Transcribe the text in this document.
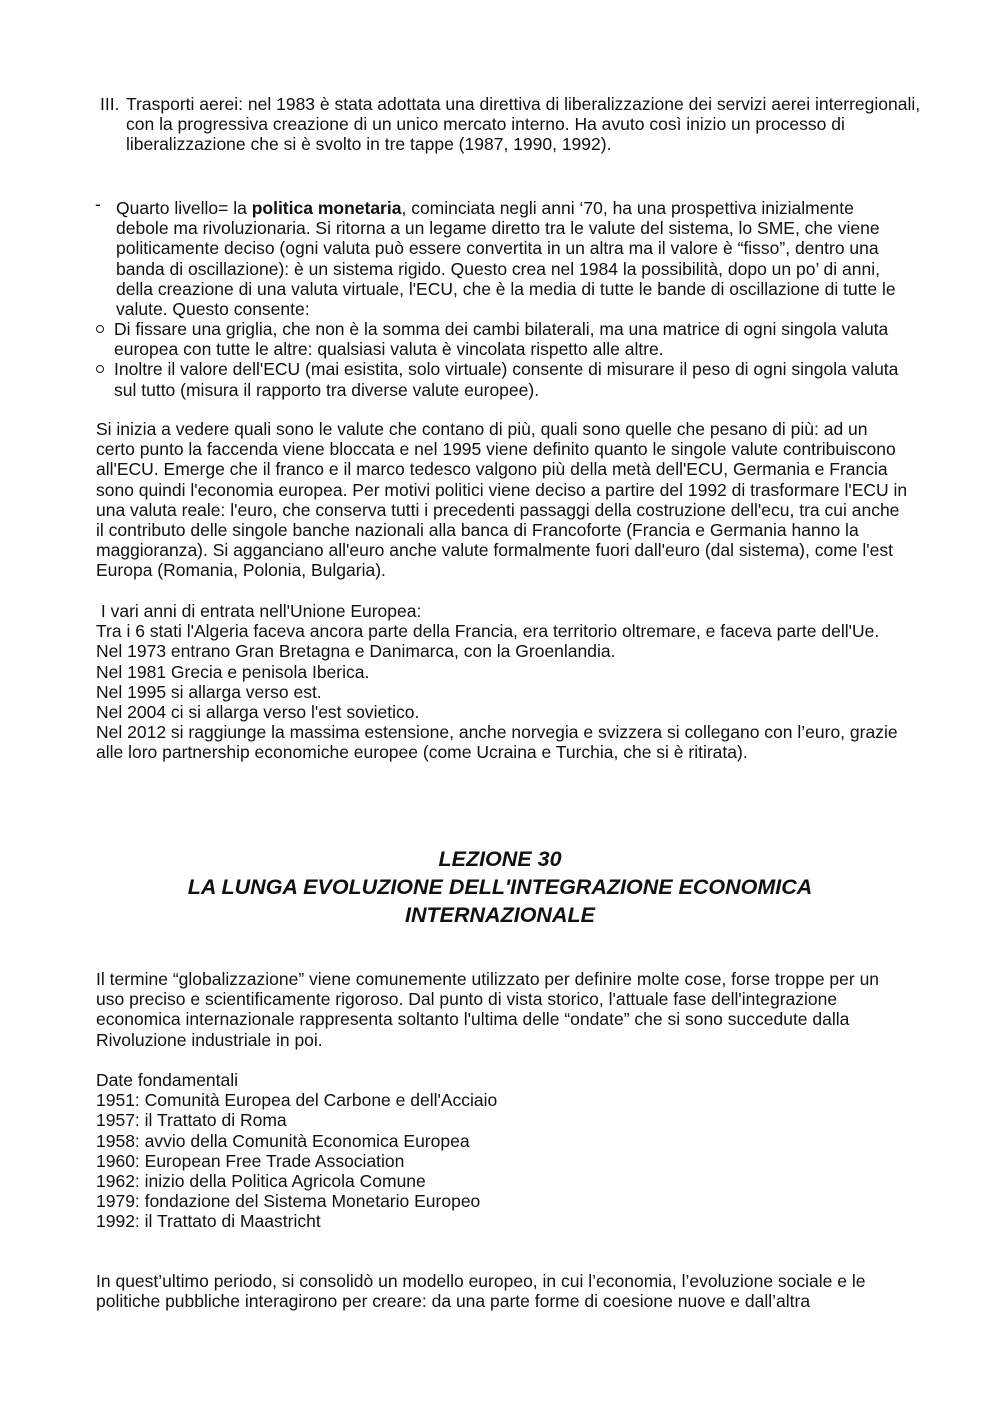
III. Trasporti aerei: nel 1983 è stata adottata una direttiva di liberalizzazione dei servizi aerei interregionali, con la progressiva creazione di un unico mercato interno. Ha avuto così inizio un processo di liberalizzazione che si è svolto in tre tappe (1987, 1990, 1992).
- Quarto livello= la politica monetaria, cominciata negli anni ‘70, ha una prospettiva inizialmente debole ma rivoluzionaria. Si ritorna a un legame diretto tra le valute del sistema, lo SME, che viene politicamente deciso (ogni valuta può essere convertita in un altra ma il valore è “fisso”, dentro una banda di oscillazione): è un sistema rigido. Questo crea nel 1984 la possibilità, dopo un po’ di anni, della creazione di una valuta virtuale, l'ECU, che è la media di tutte le bande di oscillazione di tutte le valute. Questo consente:
Di fissare una griglia, che non è la somma dei cambi bilaterali, ma una matrice di ogni singola valuta europea con tutte le altre: qualsiasi valuta è vincolata rispetto alle altre.
Inoltre il valore dell'ECU (mai esistita, solo virtuale) consente di misurare il peso di ogni singola valuta sul tutto (misura il rapporto tra diverse valute europee).
Si inizia a vedere quali sono le valute che contano di più, quali sono quelle che pesano di più: ad un certo punto la faccenda viene bloccata e nel 1995 viene definito quanto le singole valute contribuiscono all'ECU. Emerge che il franco e il marco tedesco valgono più della metà dell'ECU, Germania e Francia sono quindi l'economia europea. Per motivi politici viene deciso a partire del 1992 di trasformare l'ECU in una valuta reale: l'euro, che conserva tutti i precedenti passaggi della costruzione dell'ecu, tra cui anche il contributo delle singole banche nazionali alla banca di Francoforte (Francia e Germania hanno la maggioranza). Si agganciano all'euro anche valute formalmente fuori dall'euro (dal sistema), come l'est Europa (Romania, Polonia, Bulgaria).
I vari anni di entrata nell'Unione Europea:
Tra i 6 stati l'Algeria faceva ancora parte della Francia, era territorio oltremare, e faceva parte dell'Ue.
Nel 1973 entrano Gran Bretagna e Danimarca, con la Groenlandia.
Nel 1981 Grecia e penisola Iberica.
Nel 1995 si allarga verso est.
Nel 2004 ci si allarga verso l'est sovietico.
Nel 2012 si raggiunge la massima estensione, anche norvegia e svizzera si collegano con l’euro, grazie alle loro partnership economiche europee (come Ucraina e Turchia, che si è ritirata).
LEZIONE 30
LA LUNGA EVOLUZIONE DELL'INTEGRAZIONE ECONOMICA
INTERNAZIONALE
Il termine “globalizzazione” viene comunemente utilizzato per definire molte cose, forse troppe per un uso preciso e scientificamente rigoroso. Dal punto di vista storico, l'attuale fase dell'integrazione economica internazionale rappresenta soltanto l'ultima delle “ondate” che si sono succedute dalla Rivoluzione industriale in poi.
Date fondamentali
1951: Comunità Europea del Carbone e dell'Acciaio
1957: il Trattato di Roma
1958: avvio della Comunità Economica Europea
1960: European Free Trade Association
1962: inizio della Politica Agricola Comune
1979: fondazione del Sistema Monetario Europeo
1992: il Trattato di Maastricht
In quest’ultimo periodo, si consolidò un modello europeo, in cui l’economia, l’evoluzione sociale e le politiche pubbliche interagirono per creare: da una parte forme di coesione nuove e dall’altra
